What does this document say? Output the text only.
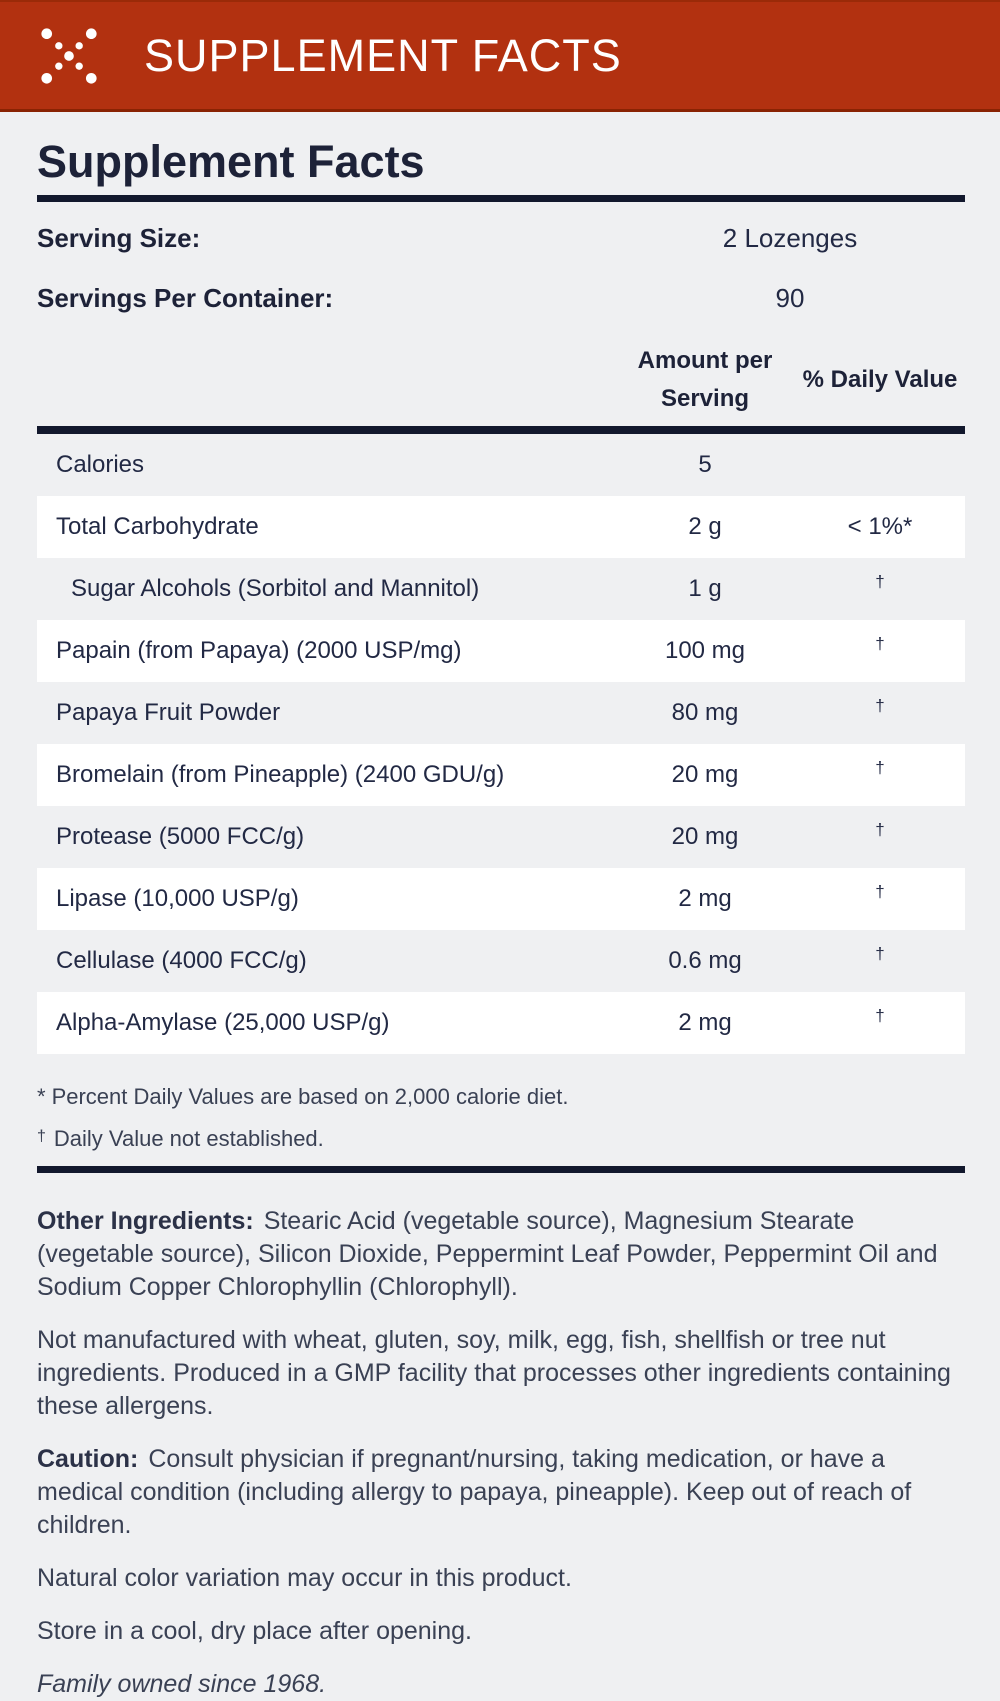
SUPPLEMENT FACTS
Supplement Facts
Serving Size:	2 Lozenges
Servings Per Container:	90
Amount per Serving
% Daily Value
Calories	5
Total Carbohydrate	2 g	< 1%*
Sugar Alcohols (Sorbitol and Mannitol)	1 g	†
Papain (from Papaya) (2000 USP/mg)	100 mg	†
Papaya Fruit Powder	80 mg	†
Bromelain (from Pineapple) (2400 GDU/g)	20 mg	†
Protease (5000 FCC/g)	20 mg	†
Lipase (10,000 USP/g)	2 mg	†
Cellulase (4000 FCC/g)	0.6 mg	†
Alpha-Amylase (25,000 USP/g)	2 mg	†
* Percent Daily Values are based on 2,000 calorie diet.
† Daily Value not established.

Other Ingredients: Stearic Acid (vegetable source), Magnesium Stearate (vegetable source), Silicon Dioxide, Peppermint Leaf Powder, Peppermint Oil and Sodium Copper Chlorophyllin (Chlorophyll).

Not manufactured with wheat, gluten, soy, milk, egg, fish, shellfish or tree nut ingredients. Produced in a GMP facility that processes other ingredients containing these allergens.

Caution: Consult physician if pregnant/nursing, taking medication, or have a medical condition (including allergy to papaya, pineapple). Keep out of reach of children.

Natural color variation may occur in this product.

Store in a cool, dry place after opening.

Family owned since 1968.
